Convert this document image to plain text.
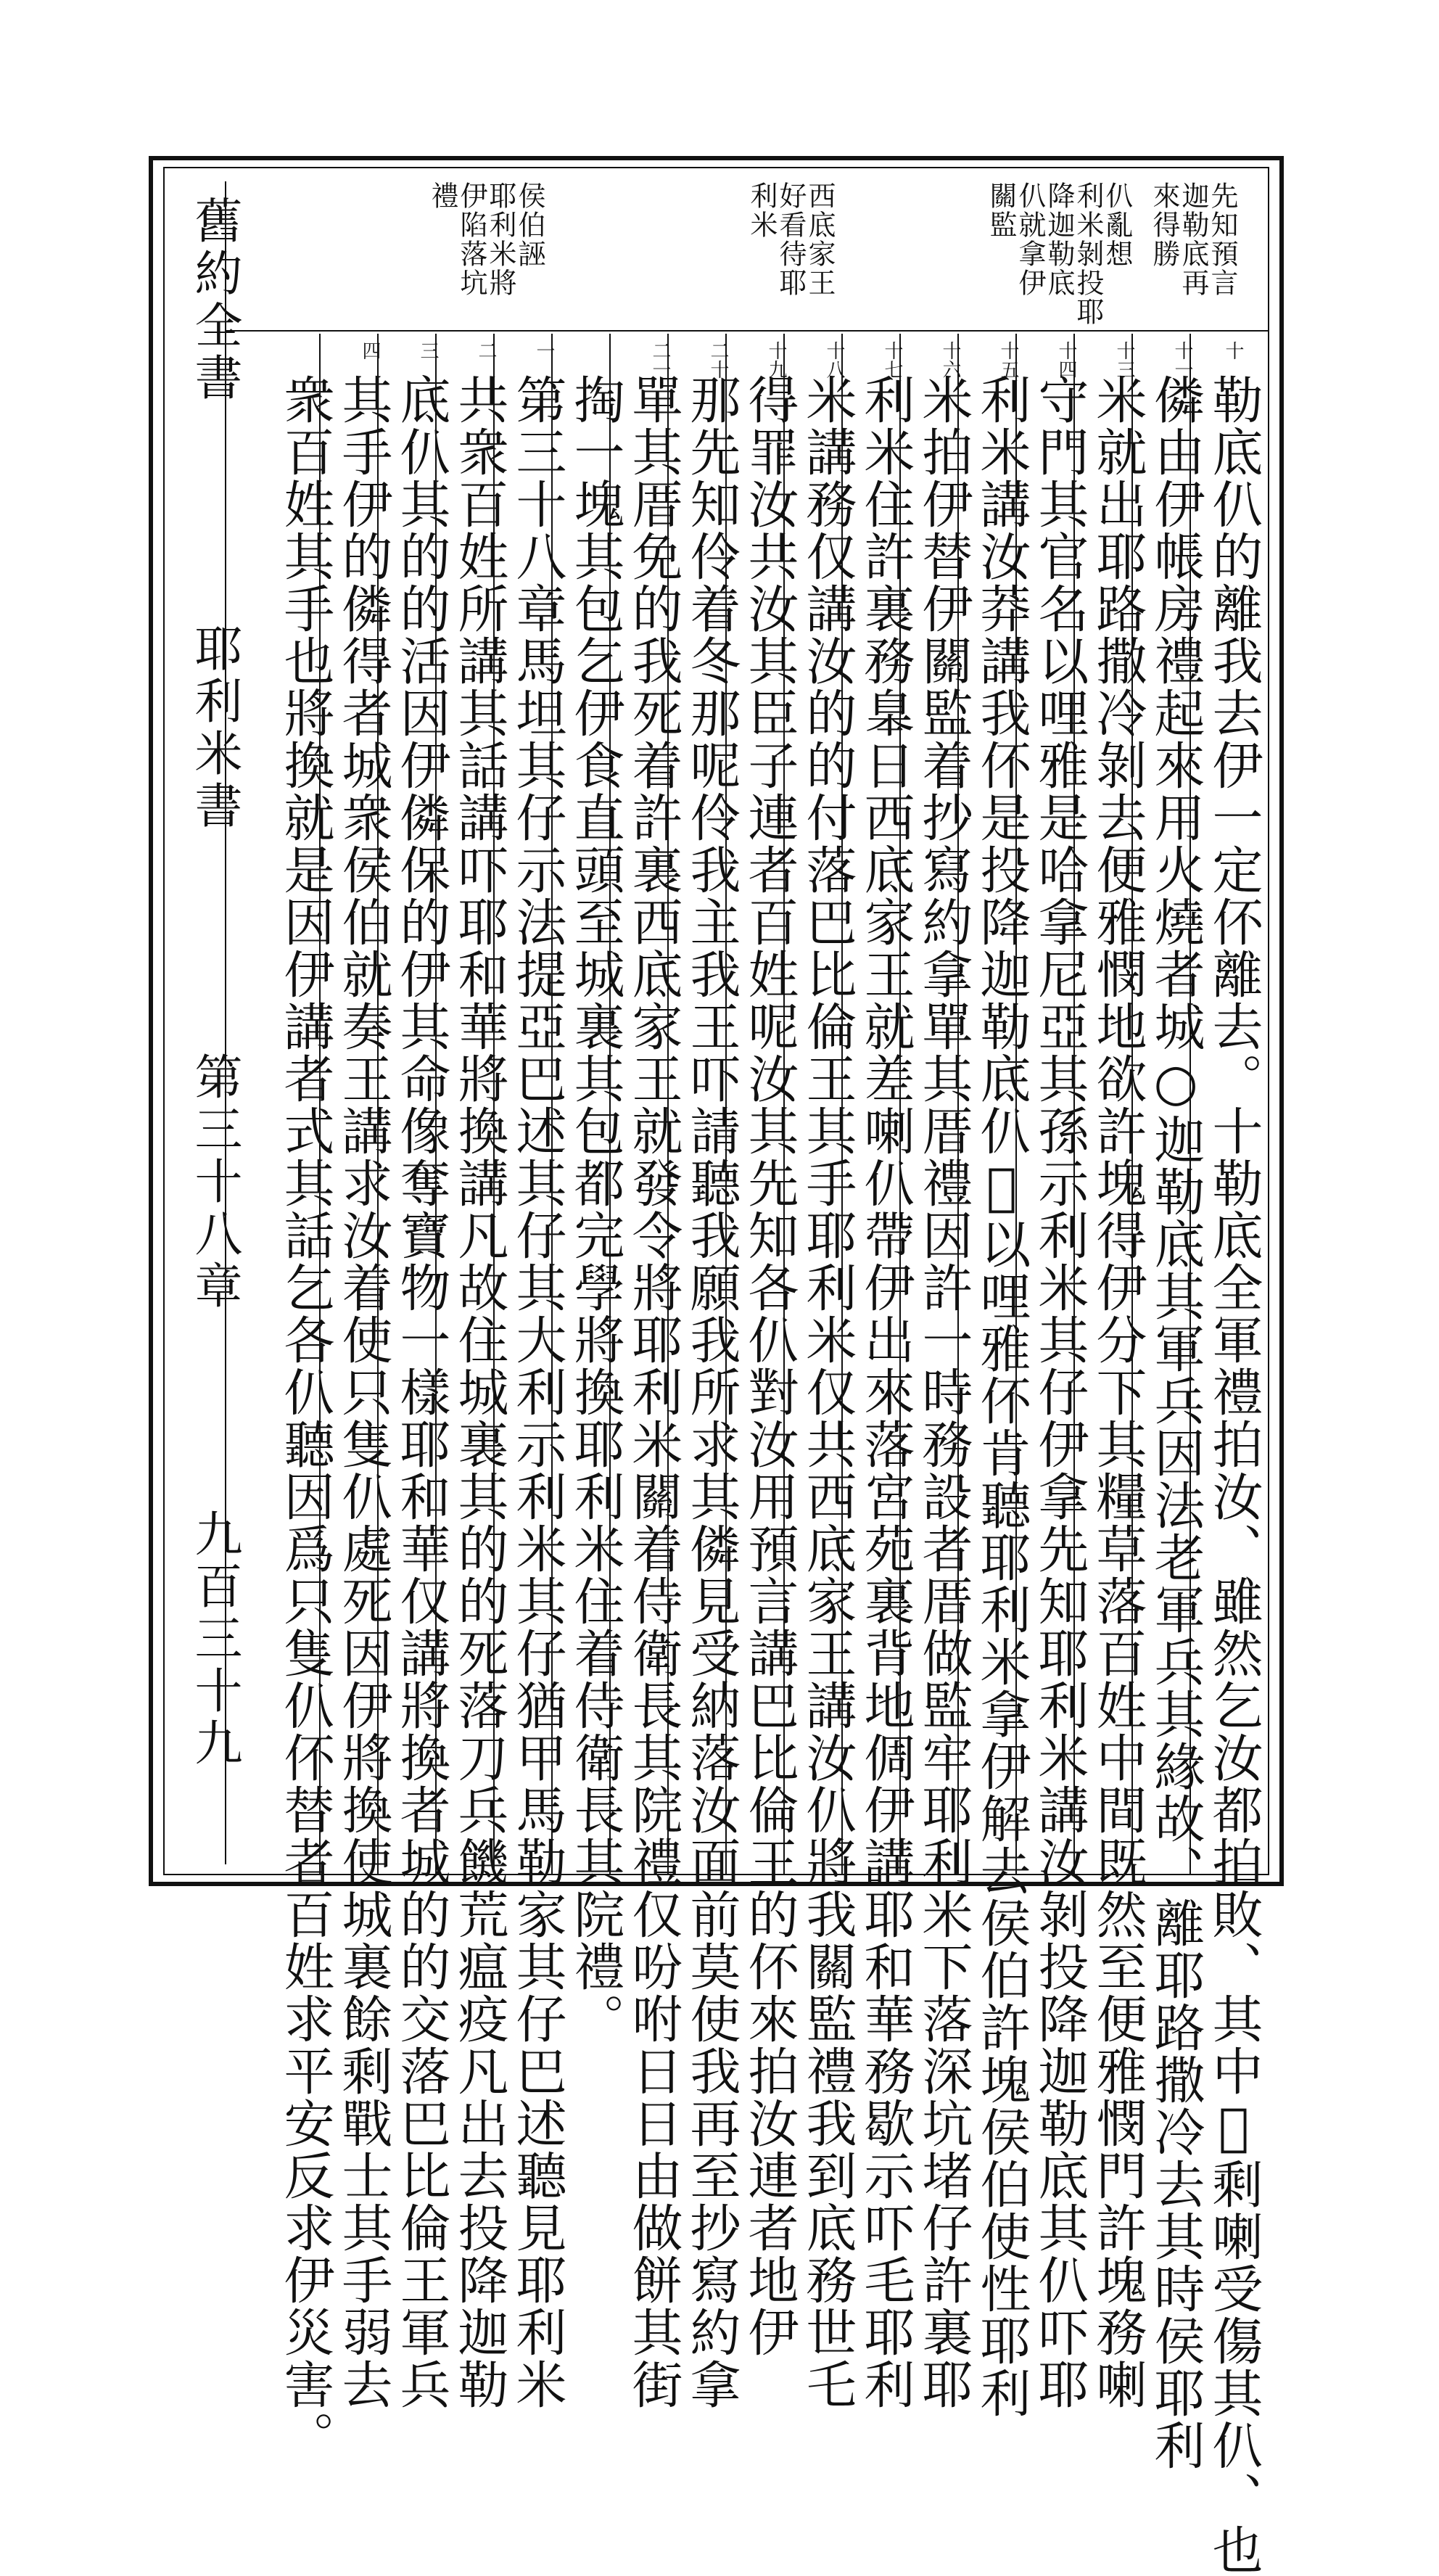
舊約全書
耶利米書
第三十八章
九百三十九
先知預言
迦勒底再
來得勝
仈亂想
利米剝投耶
降迦勒底
仈就拿伊
關監
西底家王
好看待耶
利米
侯伯誣
耶利米將
伊陷落坑
禮
十
十一
十三
十四
十五
十六
十七
十八
十九
二十
二一
一
二
三
四
勒底仈的離我去伊一定伓離去。十勒底全軍禮拍汝、雖然乞汝都拍敗、其中𠲥剩喇受傷其仈、也
僯由伊帳房禮起來用火燒者城○迦勒底其軍兵因法老軍兵其緣故、離耶路撒冷去其時侯耶利
米就出耶路撒冷剝去便雅憫地欲許塊得伊分下其糧草落百姓中間既然至便雅憫門許塊務喇
守門其官名以哩雅是哈拿尼亞其孫示利米其仔伊拿先知耶利米講汝剝投降迦勒底其仈吓耶
利米講汝莽講我伓是投降迦勒底仈𠲥以哩雅伓肯聽耶利米拿伊解去侯伯許塊侯伯使性耶利
米拍伊替伊關監着抄寫約拿單其厝禮因許一時務設者厝做監牢耶利米下落深坑堵仔許裏耶
利米住許裏務𦤎日西底家王就差喇仈帶伊出來落宮苑裏背地倜伊講耶和華務歇示吓毛耶利
米講務仅講汝的的付落巴比倫王其手耶利米仅共西底家王講汝仈將我關監禮我到底務世乇
得罪汝共汝其臣子連者百姓呢汝其先知各仈對汝用預言講巴比倫王的伓來拍汝連者地伊
那先知伶着冬那呢伶我主我王吓請聽我願我所求其僯見受納落汝面前莫使我再至抄寫約拿
單其厝免的我死着許裏西底家王就發令將耶利米關着侍衛長其院禮仅吩咐日日由做餅其街
掏一塊其包乞伊食直頭至城裏其包都完學將換耶利米住着侍衛長其院禮。
第三十八章馬坦其仔示法提亞巴述其仔其大利示利米其仔猶甲馬勒家其仔巴述聽見耶利米
共衆百姓所講其話講吓耶和華將換講凡故住城裏其的的死落刀兵饑荒瘟疫凡出去投降迦勒
底仈其的的活因伊僯保的伊其命像奪寶物一樣耶和華仅講將換者城的的交落巴比倫王軍兵
其手伊的僯得者城衆侯伯就奏王講求汝着使只隻仈處死因伊將換使城裏餘剩戰士其手弱去
衆百姓其手也將換就是因伊講者式其話乞各仈聽因爲只隻仈伓替者百姓求平安反求伊災害。
